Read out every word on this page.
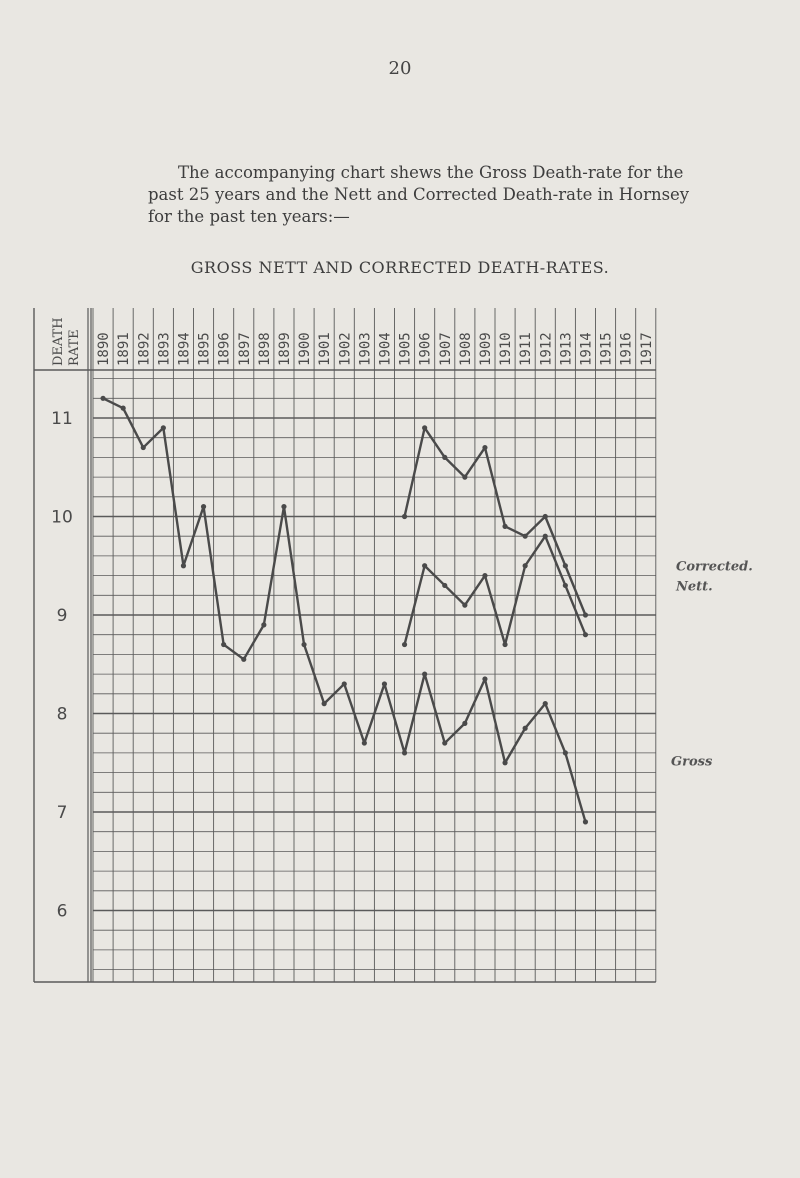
20

The accompanying chart shews the Gross Death-rate for the past 25 years and the Nett and Corrected Death-rate in Hornsey for the past ten years:—

GROSS NETT AND CORRECTED DEATH-RATES.
DEATH RATE 1890 1891 1892 1893 1894 1895 1896 1897 1898 1899 1900 1901 1902 1903 1904 1905 1906 1907 1908 1909 1910 1911 1912 1913 1914 1915 1916 1917
11
10
9
8
7
6
Corrected.
Nett.
Gross
